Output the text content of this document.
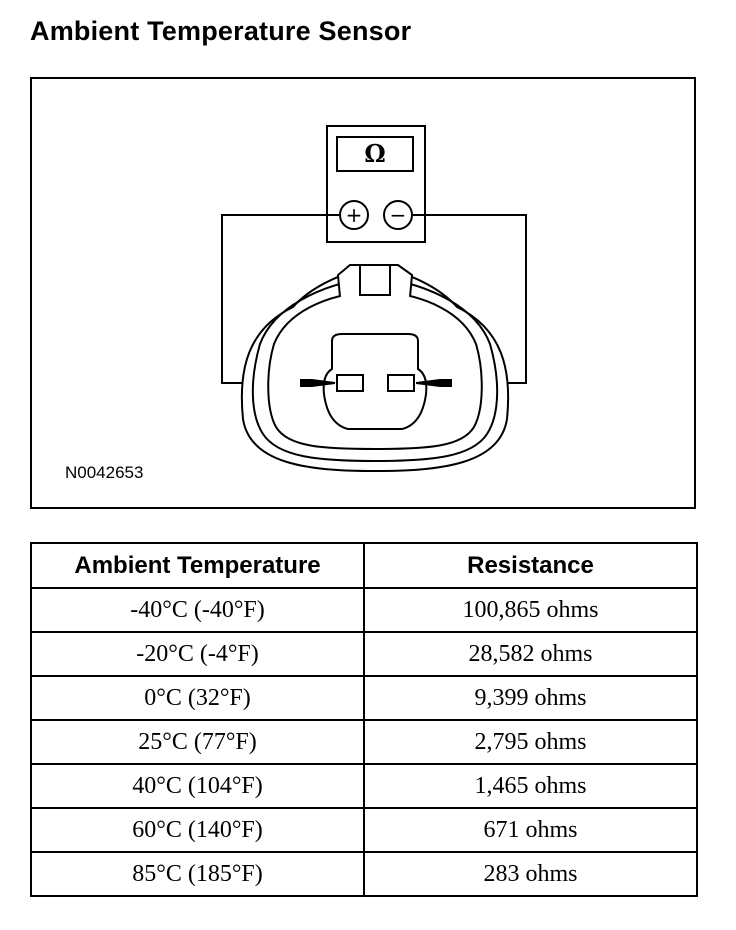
Ambient Temperature Sensor
Ω
+ −
N0042653
Ambient Temperature	Resistance
-40°C (-40°F)	100,865 ohms
-20°C (-4°F)	28,582 ohms
0°C (32°F)	9,399 ohms
25°C (77°F)	2,795 ohms
40°C (104°F)	1,465 ohms
60°C (140°F)	671 ohms
85°C (185°F)	283 ohms
